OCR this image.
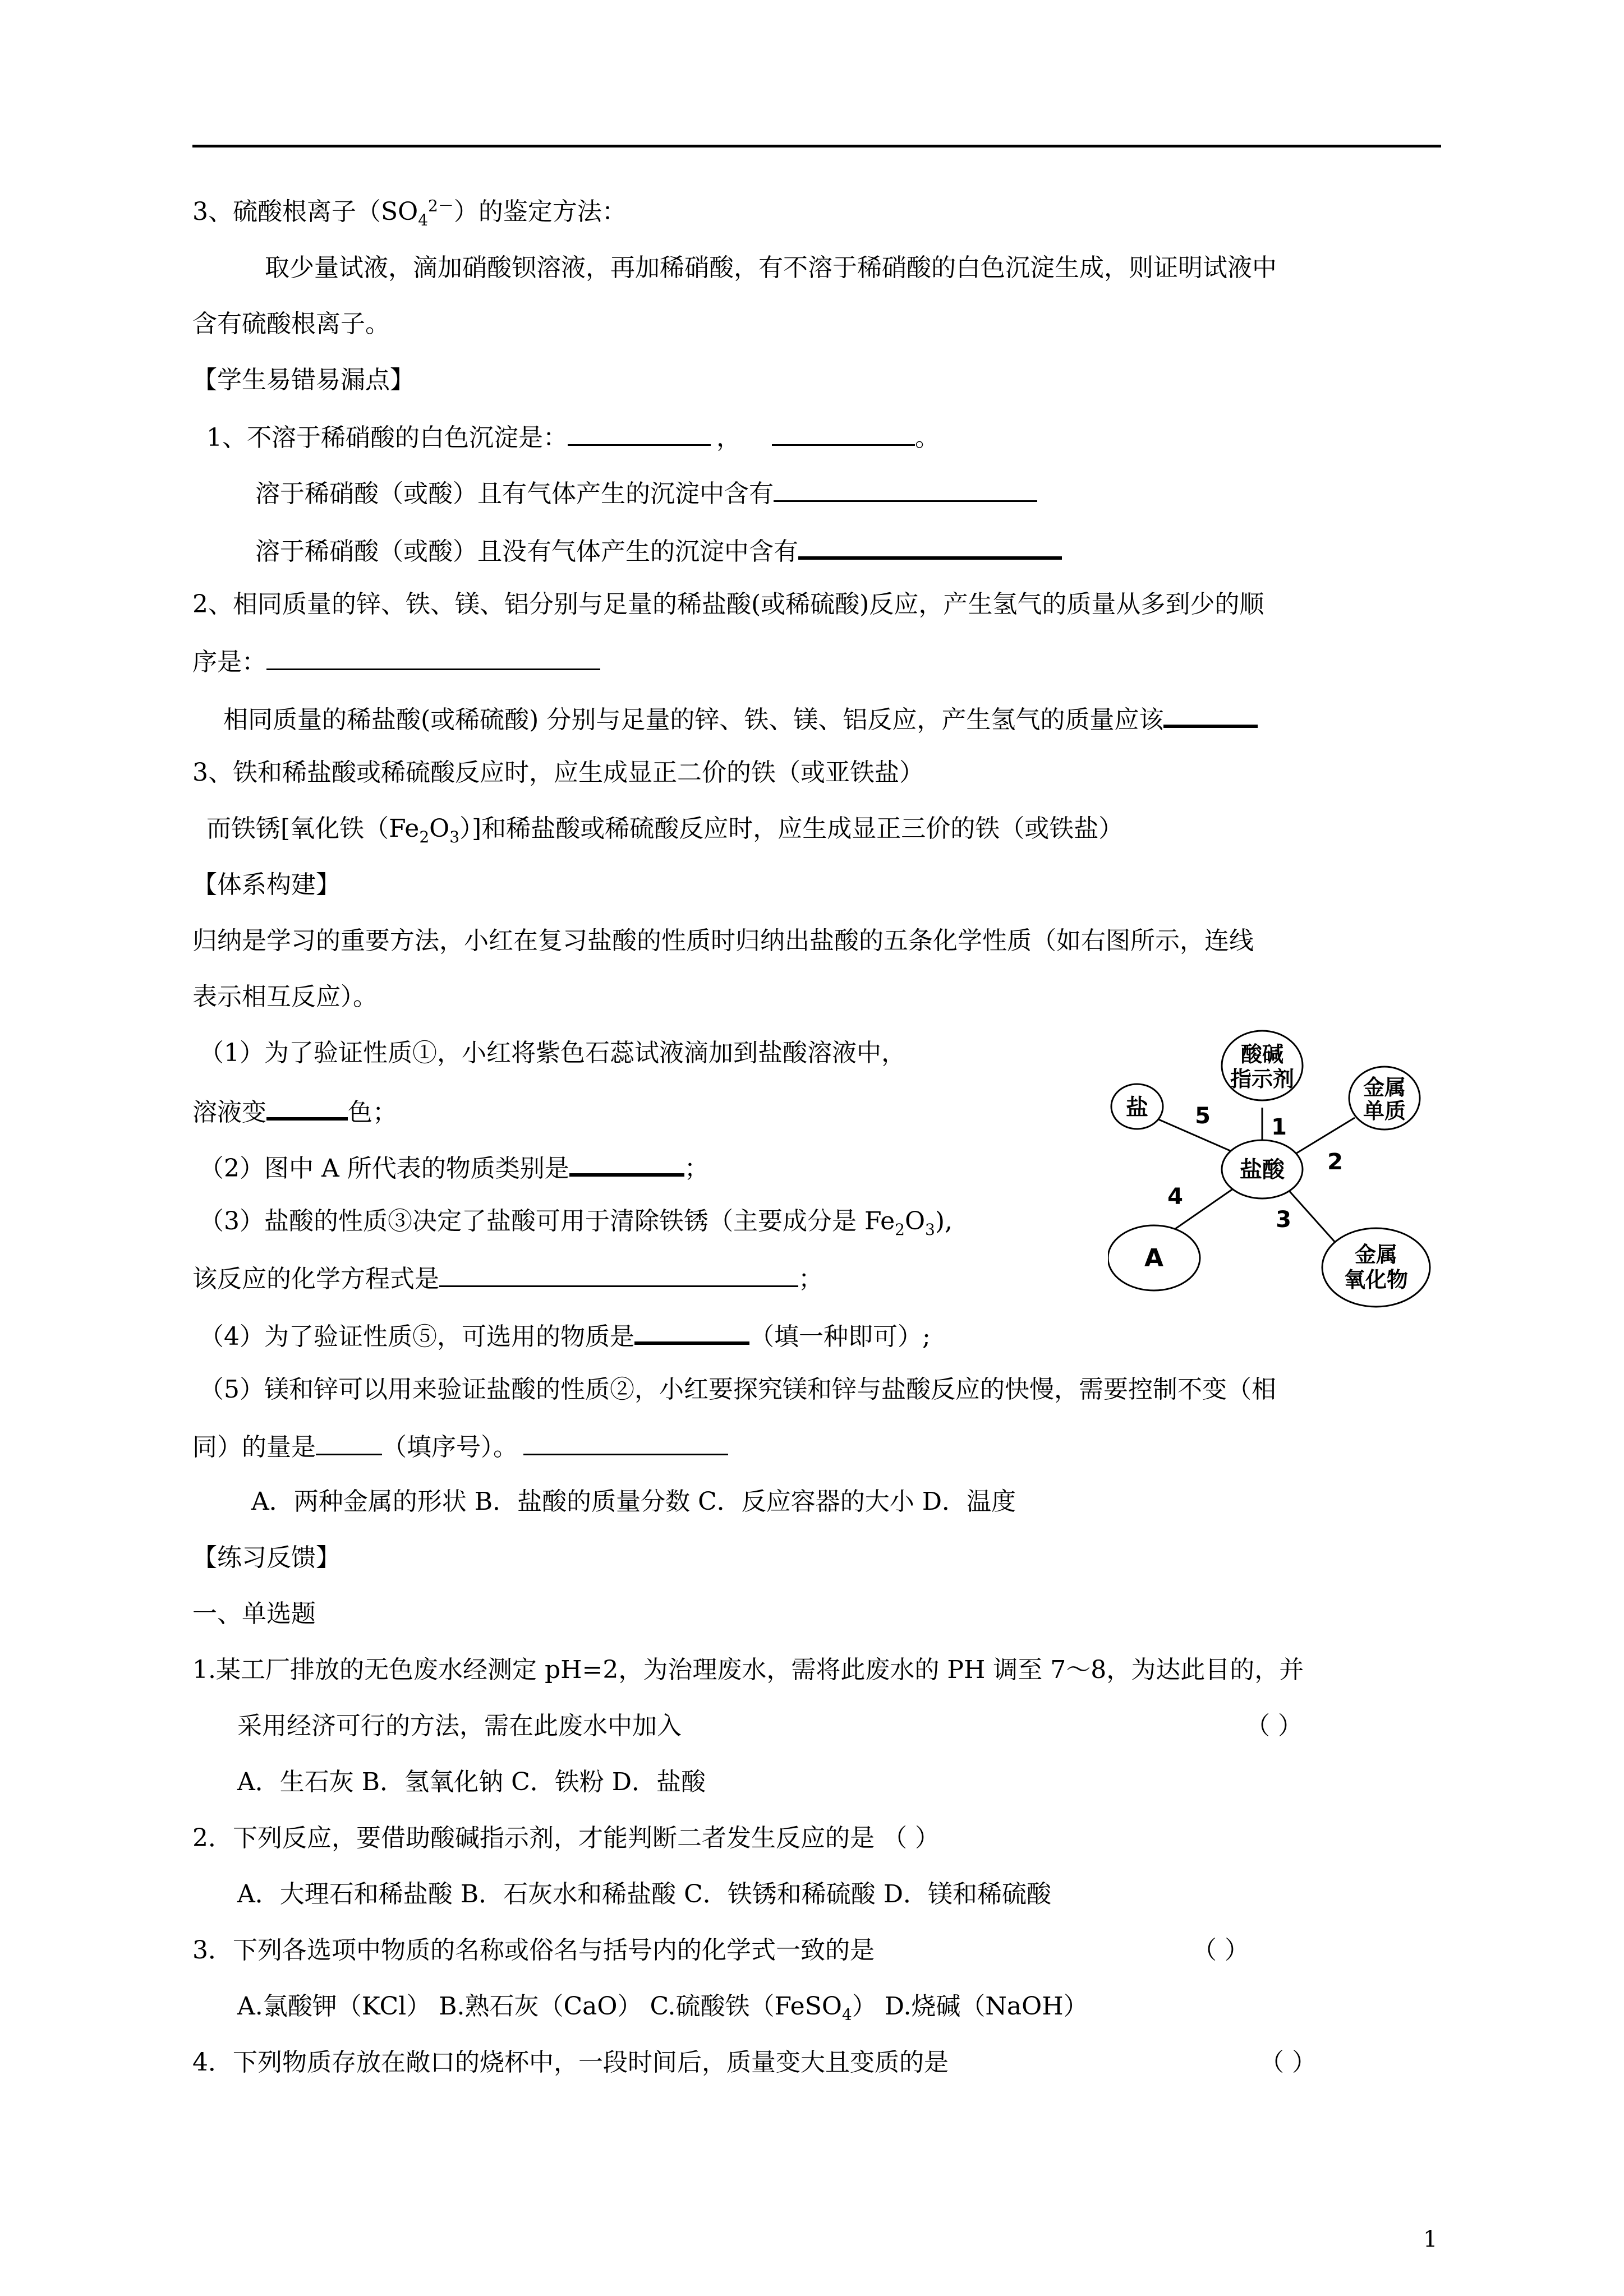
3、硫酸根离子$(SO_4^{2-})$的鉴定方法：
取少量试液，滴加硝酸钡溶液，再加稀硝酸，有不溶于稀硝酸的白色沉淀生成，则证明试液中
含有硫酸根离子。
【学生易错易漏点】
1、不溶于稀硝酸的白色沉淀是：	，	。
溶于稀硝酸（或酸）且有气体产生的沉淀中含有
溶于稀硝酸（或酸）且没有气体产生的沉淀中含有
2、相同质量的锌、铁、镁、铝分别与足量的稀盐酸(或稀硫酸)反应，产生氢气的质量从多到少的顺
序是：
相同质量的稀盐酸(或稀硫酸) 分别与足量的锌、铁、镁、铝反应，产生氢气的质量应该
3、铁和稀盐酸或稀硫酸反应时，应生成显正二价的铁（或亚铁盐）
而铁锈[氧化铁$(Fe_2O_3)$]和稀盐酸或稀硫酸反应时，应生成显正三价的铁（或铁盐）
【体系构建】
归纳是学习的重要方法，小红在复习盐酸的性质时归纳出盐酸的五条化学性质（如右图所示，连线
表示相互反应）。
（1）为了验证性质①，小红将紫色石蕊试液滴加到盐酸溶液中，
溶液变	色；
（2）图中 A 所代表的物质类别是	；
（3）盐酸的性质③决定了盐酸可用于清除铁锈（主要成分是 $Fe_2O_3$),
该反应的化学方程式是	；
（4）为了验证性质⑤，可选用的物质是	（填一种即可）;
（5）镁和锌可以用来验证盐酸的性质②，小红要探究镁和锌与盐酸反应的快慢，需要控制不变（相
同）的量是	（填序号）。
A．两种金属的形状 B．盐酸的质量分数 C．反应容器的大小 D．温度
【练习反馈】
一、单选题
1.某工厂排放的无色废水经测定 pH=2，为治理废水，需将此废水的 PH 调至 7～8，为达此目的，并
采用经济可行的方法，需在此废水中加入	（ ）
A．生石灰 B．氢氧化钠 C．铁粉 D．盐酸
2．下列反应，要借助酸碱指示剂，才能判断二者发生反应的是 （ ）
A．大理石和稀盐酸 B．石灰水和稀盐酸 C．铁锈和稀硫酸 D．镁和稀硫酸
3．下列各选项中物质的名称或俗名与括号内的化学式一致的是	（ ）
A.氯酸钾（KCl） B.熟石灰（CaO） C.硫酸铁（FeSO$_4$） D.烧碱（NaOH）
4．下列物质存放在敞口的烧杯中，一段时间后，质量变大且变质的是	（ ）
酸碱
指示剂	金属
单质
金属
氧化物
A
盐
盐酸
1
2
3
4
5
1
